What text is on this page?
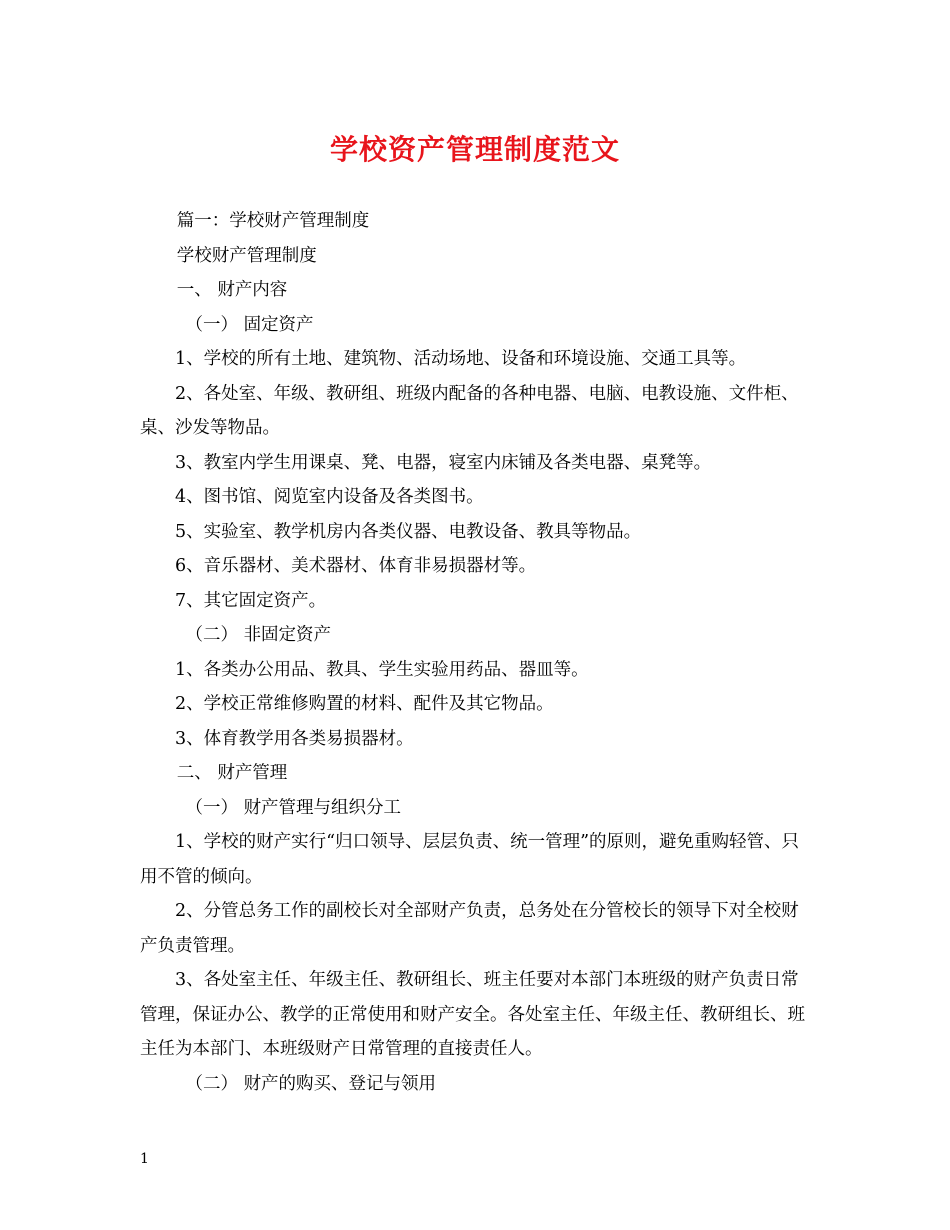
学校资产管理制度范文

篇一：学校财产管理制度

学校财产管理制度

一、 财产内容

（一） 固定资产

1、学校的所有土地、建筑物、活动场地、设备和环境设施、交通工具等。

2、各处室、年级、教研组、班级内配备的各种电器、电脑、电教设施、文件柜、桌、沙发等物品。

3、教室内学生用课桌、凳、电器，寝室内床铺及各类电器、桌凳等。

4、图书馆、阅览室内设备及各类图书。

5、实验室、教学机房内各类仪器、电教设备、教具等物品。

6、音乐器材、美术器材、体育非易损器材等。

7、其它固定资产。

（二） 非固定资产

1、各类办公用品、教具、学生实验用药品、器皿等。

2、学校正常维修购置的材料、配件及其它物品。

3、体育教学用各类易损器材。

二、 财产管理

（一） 财产管理与组织分工

1、学校的财产实行“归口领导、层层负责、统一管理”的原则，避免重购轻管、只用不管的倾向。

2、分管总务工作的副校长对全部财产负责，总务处在分管校长的领导下对全校财产负责管理。

3、各处室主任、年级主任、教研组长、班主任要对本部门本班级的财产负责日常管理，保证办公、教学的正常使用和财产安全。各处室主任、年级主任、教研组长、班主任为本部门、本班级财产日常管理的直接责任人。

（二） 财产的购买、登记与领用

1
